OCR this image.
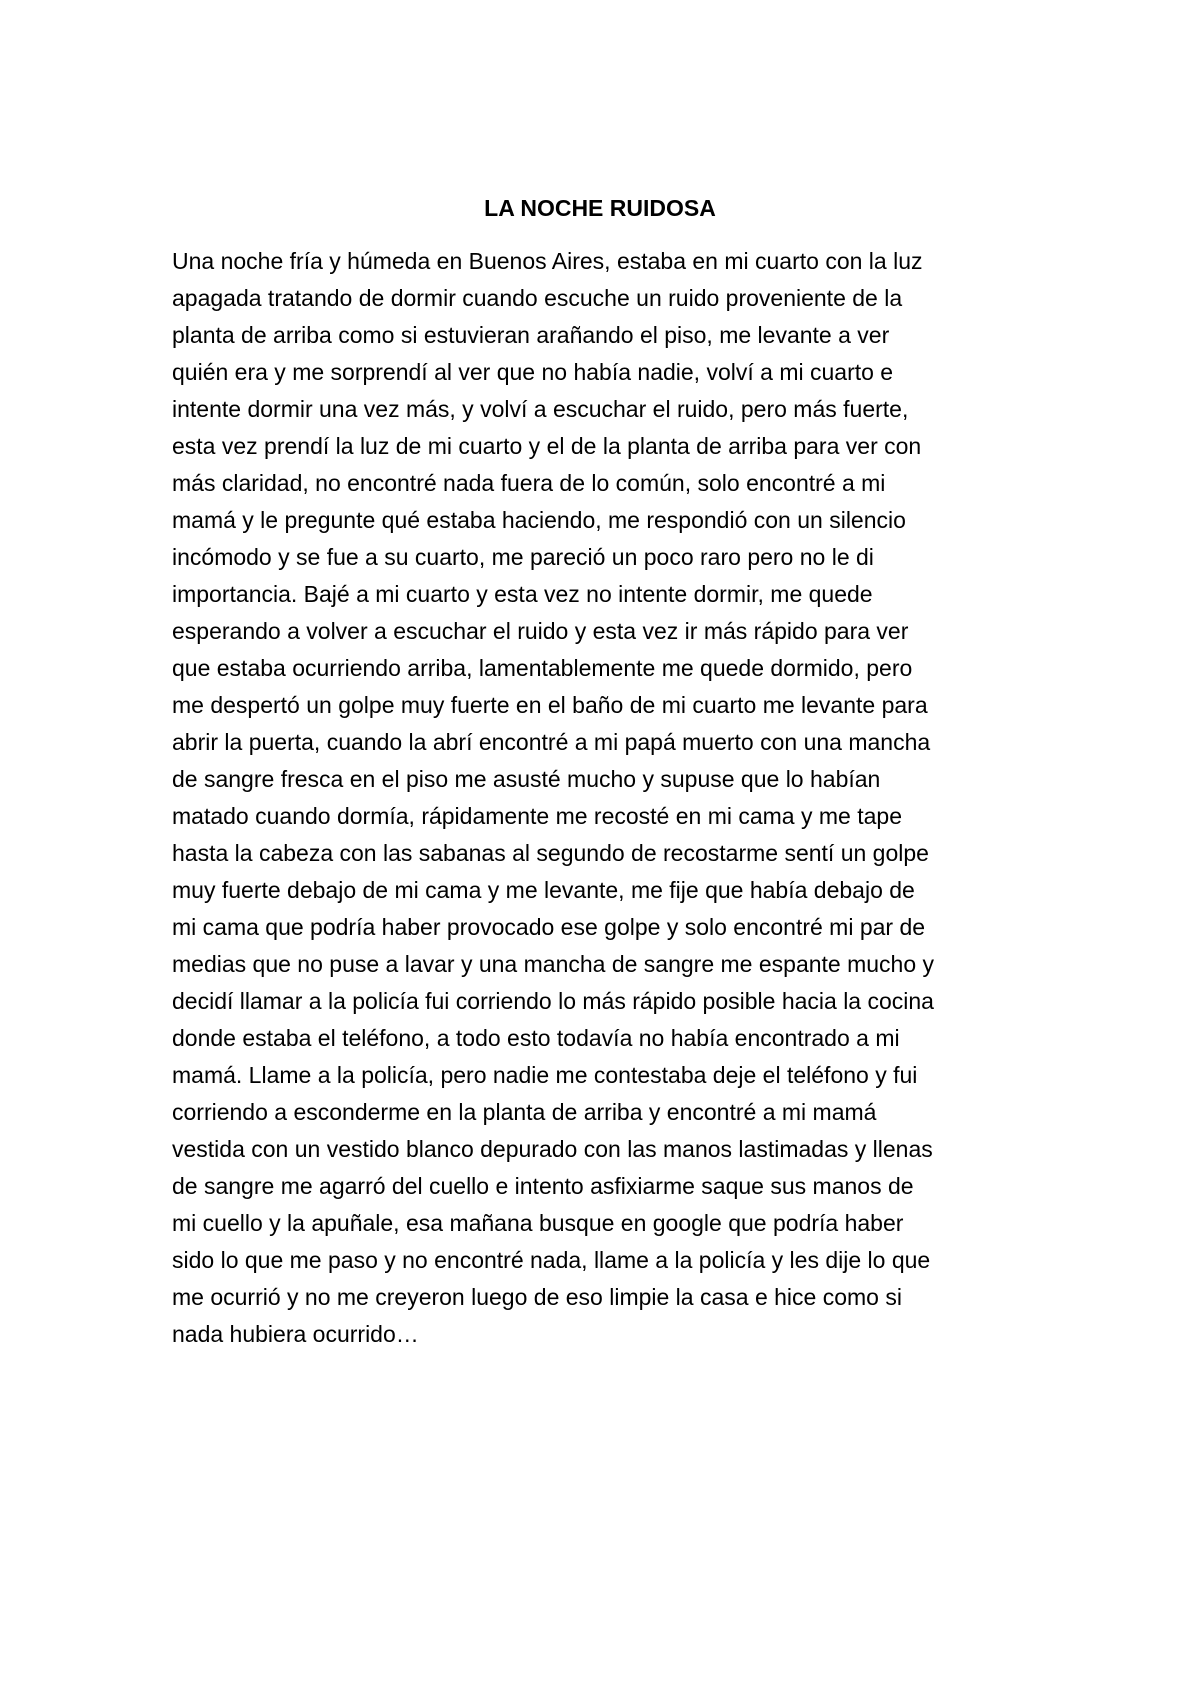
LA NOCHE RUIDOSA
Una noche fría y húmeda en Buenos Aires, estaba en mi cuarto con la luz
apagada tratando de dormir cuando escuche un ruido proveniente de la
planta de arriba como si estuvieran arañando el piso, me levante a ver
quién era y me sorprendí al ver que no había nadie, volví a mi cuarto e
intente dormir una vez más, y volví a escuchar el ruido, pero más fuerte,
esta vez prendí la luz de mi cuarto y el de la planta de arriba para ver con
más claridad, no encontré nada fuera de lo común, solo encontré a mi
mamá y le pregunte qué estaba haciendo, me respondió con un silencio
incómodo y se fue a su cuarto, me pareció un poco raro pero no le di
importancia. Bajé a mi cuarto y esta vez no intente dormir, me quede
esperando a volver a escuchar el ruido y esta vez ir más rápido para ver
que estaba ocurriendo arriba, lamentablemente me quede dormido, pero
me despertó un golpe muy fuerte en el baño de mi cuarto me levante para
abrir la puerta, cuando la abrí encontré a mi papá muerto con una mancha
de sangre fresca en el piso me asusté mucho y supuse que lo habían
matado cuando dormía, rápidamente me recosté en mi cama y me tape
hasta la cabeza con las sabanas al segundo de recostarme sentí un golpe
muy fuerte debajo de mi cama y me levante, me fije que había debajo de
mi cama que podría haber provocado ese golpe y solo encontré mi par de
medias que no puse a lavar y una mancha de sangre me espante mucho y
decidí llamar a la policía fui corriendo lo más rápido posible hacia la cocina
donde estaba el teléfono, a todo esto todavía no había encontrado a mi
mamá. Llame a la policía, pero nadie me contestaba deje el teléfono y fui
corriendo a esconderme en la planta de arriba y encontré a mi mamá
vestida con un vestido blanco depurado con las manos lastimadas y llenas
de sangre me agarró del cuello e intento asfixiarme saque sus manos de
mi cuello y la apuñale, esa mañana busque en google que podría haber
sido lo que me paso y no encontré nada, llame a la policía y les dije lo que
me ocurrió y no me creyeron luego de eso limpie la casa e hice como si
nada hubiera ocurrido…
